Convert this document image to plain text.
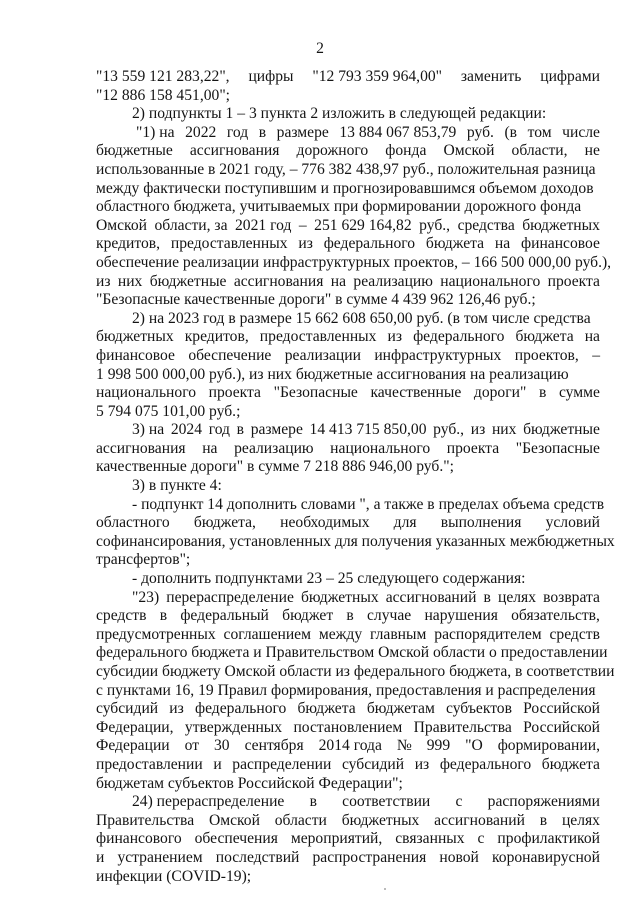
2
"13 559 121 283,22", цифры "12 793 359 964,00" заменить цифрами
"12 886 158 451,00";
2) подпункты 1 – 3 пункта 2 изложить в следующей редакции:
"1) на 2022 год в размере 13 884 067 853,79 руб. (в том числе
бюджетные ассигнования дорожного фонда Омской области, не
использованные в 2021 году, – 776 382 438,97 руб., положительная разница
между фактически поступившим и прогнозировавшимся объемом доходов
областного бюджета, учитываемых при формировании дорожного фонда
Омской области, за 2021 год – 251 629 164,82 руб., средства бюджетных
кредитов, предоставленных из федерального бюджета на финансовое
обеспечение реализации инфраструктурных проектов, – 166 500 000,00 руб.),
из них бюджетные ассигнования на реализацию национального проекта
"Безопасные качественные дороги" в сумме 4 439 962 126,46 руб.;
2) на 2023 год в размере 15 662 608 650,00 руб. (в том числе средства
бюджетных кредитов, предоставленных из федерального бюджета на
финансовое обеспечение реализации инфраструктурных проектов, –
1 998 500 000,00 руб.), из них бюджетные ассигнования на реализацию
национального проекта "Безопасные качественные дороги" в сумме
5 794 075 101,00 руб.;
3) на 2024 год в размере 14 413 715 850,00 руб., из них бюджетные
ассигнования на реализацию национального проекта "Безопасные
качественные дороги" в сумме 7 218 886 946,00 руб.";
3) в пункте 4:
- подпункт 14 дополнить словами ", а также в пределах объема средств
областного бюджета, необходимых для выполнения условий
софинансирования, установленных для получения указанных межбюджетных
трансфертов";
- дополнить подпунктами 23 – 25 следующего содержания:
"23) перераспределение бюджетных ассигнований в целях возврата
средств в федеральный бюджет в случае нарушения обязательств,
предусмотренных соглашением между главным распорядителем средств
федерального бюджета и Правительством Омской области о предоставлении
субсидии бюджету Омской области из федерального бюджета, в соответствии
с пунктами 16, 19 Правил формирования, предоставления и распределения
субсидий из федерального бюджета бюджетам субъектов Российской
Федерации, утвержденных постановлением Правительства Российской
Федерации от 30 сентября 2014 года № 999 "О формировании,
предоставлении и распределении субсидий из федерального бюджета
бюджетам субъектов Российской Федерации";
24) перераспределение в соответствии с распоряжениями
Правительства Омской области бюджетных ассигнований в целях
финансового обеспечения мероприятий, связанных с профилактикой
и устранением последствий распространения новой коронавирусной
инфекции (COVID-19);
